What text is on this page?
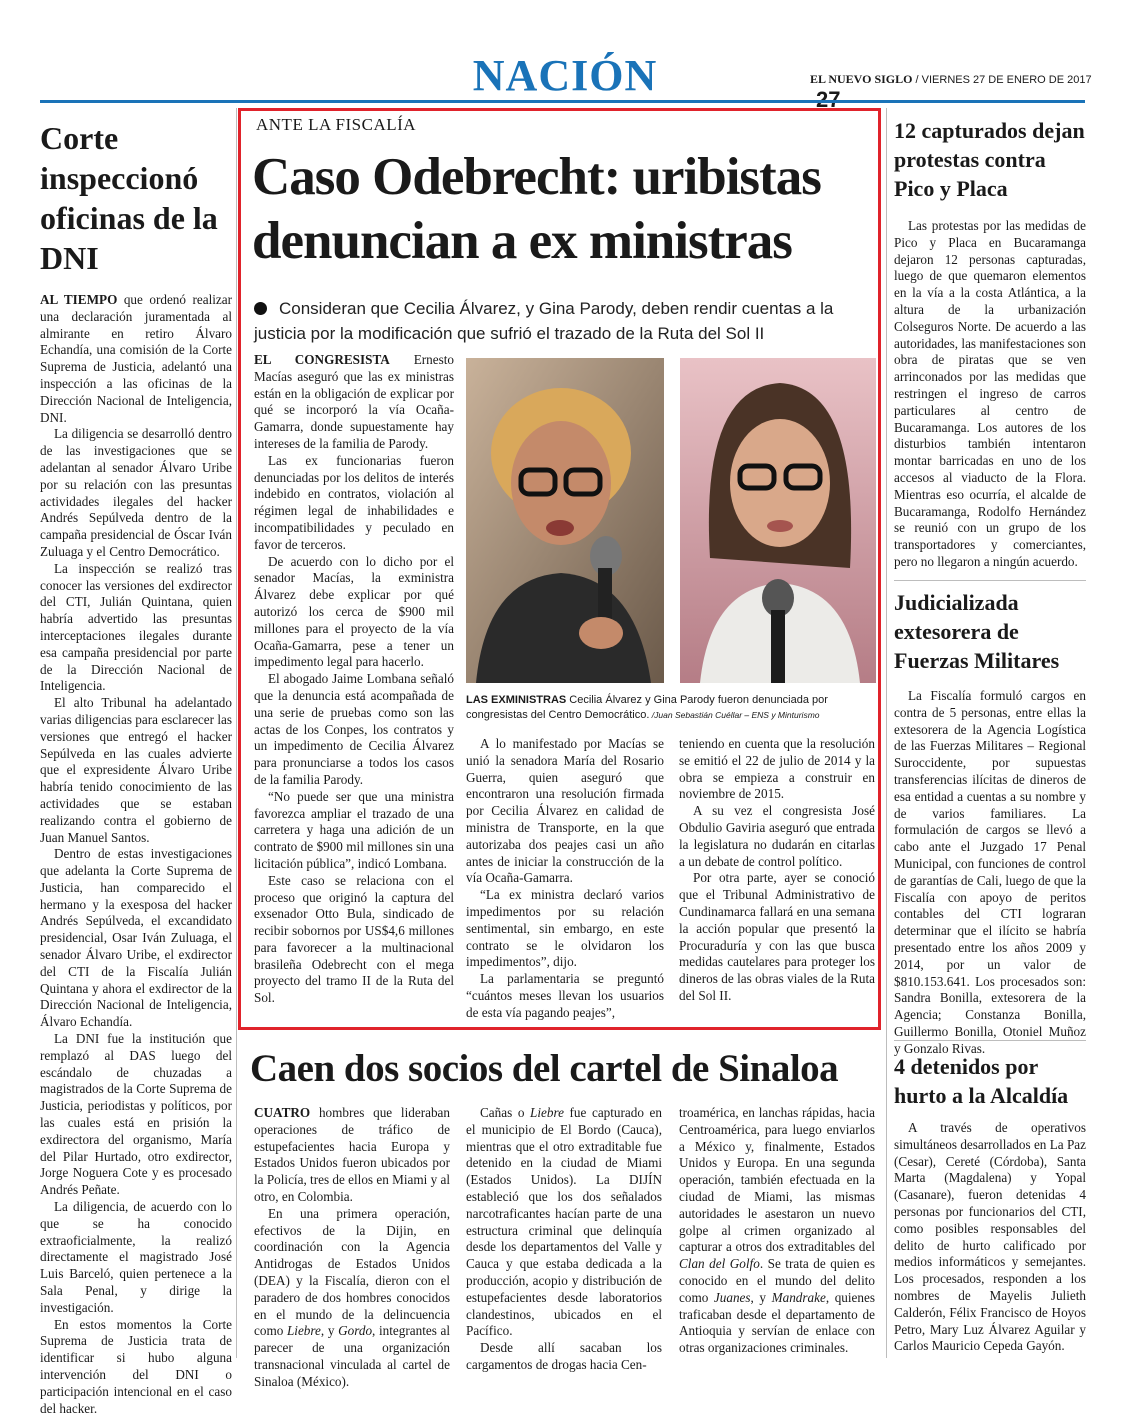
NACIÓN	EL NUEVO SIGLO / VIERNES 27 DE ENERO DE 2017
Corte inspeccionó oficinas de la DNI

AL TIEMPO que ordenó realizar una declaración juramentada al almirante en retiro Álvaro Echandía, una comisión de la Corte Suprema de Justicia, adelantó una inspección a las oficinas de la Dirección Nacional de Inteligencia, DNI.

La diligencia se desarrolló dentro de las investigaciones que se adelantan al senador Álvaro Uribe por su relación con las presuntas actividades ilegales del hacker Andrés Sepúlveda dentro de la campaña presidencial de Óscar Iván Zuluaga y el Centro Democrático.

La inspección se realizó tras conocer las versiones del exdirector del CTI, Julián Quintana, quien habría advertido las presuntas interceptaciones ilegales durante esa campaña presidencial por parte de la Dirección Nacional de Inteligencia.

El alto Tribunal ha adelantado varias diligencias para esclarecer las versiones que entregó el hacker Sepúlveda en las cuales advierte que el expresidente Álvaro Uribe habría tenido conocimiento de las actividades que se estaban realizando contra el gobierno de Juan Manuel Santos.

Dentro de estas investigaciones que adelanta la Corte Suprema de Justicia, han comparecido el hermano y la exesposa del hacker Andrés Sepúlveda, el excandidato presidencial, Osar Iván Zuluaga, el senador Álvaro Uribe, el exdirector del CTI de la Fiscalía Julián Quintana y ahora el exdirector de la Dirección Nacional de Inteligencia, Álvaro Echandía.

La DNI fue la institución que remplazó al DAS luego del escándalo de chuzadas a magistrados de la Corte Suprema de Justicia, periodistas y políticos, por las cuales está en prisión la exdirectora del organismo, María del Pilar Hurtado, otro exdirector, Jorge Noguera Cote y es procesado Andrés Peñate.

La diligencia, de acuerdo con lo que se ha conocido extraoficialmente, la realizó directamente el magistrado José Luis Barceló, quien pertenece a la Sala Penal, y dirige la investigación.

En estos momentos la Corte Suprema de Justicia trata de identificar si hubo alguna intervención del DNI o participación intencional en el caso del hacker.

ANTE LA FISCALÍA
Caso Odebrecht: uribistas denuncian a ex ministras
Consideran que Cecilia Álvarez, y Gina Parody, deben rendir cuentas a la justicia por la modificación que sufrió el trazado de la Ruta del Sol II

EL CONGRESISTA Ernesto Macías aseguró que las ex ministras están en la obligación de explicar por qué se incorporó la vía Ocaña-Gamarra, donde supuestamente hay intereses de la familia de Parody.

Las ex funcionarias fueron denunciadas por los delitos de interés indebido en contratos, violación al régimen legal de inhabilidades e incompatibilidades y peculado en favor de terceros.

De acuerdo con lo dicho por el senador Macías, la exministra Álvarez debe explicar por qué autorizó los cerca de $900 mil millones para el proyecto de la vía Ocaña-Gamarra, pese a tener un impedimento legal para hacerlo.

El abogado Jaime Lombana señaló que la denuncia está acompañada de una serie de pruebas como son las actas de los Conpes, los contratos y un impedimento de Cecilia Álvarez para pronunciarse a todos los casos de la familia Parody.

“No puede ser que una ministra favorezca ampliar el trazado de una carretera y haga una adición de un contrato de $900 mil millones sin una licitación pública”, indicó Lombana.

Este caso se relaciona con el proceso que originó la captura del exsenador Otto Bula, sindicado de recibir sobornos por US$4,6 millones para favorecer a la multinacional brasileña Odebrecht con el mega proyecto del tramo II de la Ruta del Sol.

LAS EXMINISTRAS Cecilia Álvarez y Gina Parody fueron denunciada por congresistas del Centro Democrático. /Juan Sebastián Cuéllar – ENS y Minturismo

A lo manifestado por Macías se unió la senadora María del Rosario Guerra, quien aseguró que encontraron una resolución firmada por Cecilia Álvarez en calidad de ministra de Transporte, en la que autorizaba dos peajes casi un año antes de iniciar la construcción de la vía Ocaña-Gamarra.

“La ex ministra declaró varios impedimentos por su relación sentimental, sin embargo, en este contrato se le olvidaron los impedimentos”, dijo.

La parlamentaria se preguntó “cuántos meses llevan los usuarios de esta vía pagando peajes”,

teniendo en cuenta que la resolución se emitió el 22 de julio de 2014 y la obra se empieza a construir en noviembre de 2015.

A su vez el congresista José Obdulio Gaviria aseguró que entrada la legislatura no dudarán en citarlas a un debate de control político.

Por otra parte, ayer se conoció que el Tribunal Administrativo de Cundinamarca fallará en una semana la acción popular que presentó la Procuraduría y con las que busca medidas cautelares para proteger los dineros de las obras viales de la Ruta del Sol II.

12 capturados dejan protestas contra Pico y Placa

Las protestas por las medidas de Pico y Placa en Bucaramanga dejaron 12 personas capturadas, luego de que quemaron elementos en la vía a la costa Atlántica, a la altura de la urbanización Colseguros Norte. De acuerdo a las autoridades, las manifestaciones son obra de piratas que se ven arrinconados por las medidas que restringen el ingreso de carros particulares al centro de Bucaramanga. Los autores de los disturbios también intentaron montar barricadas en uno de los accesos al viaducto de la Flora. Mientras eso ocurría, el alcalde de Bucaramanga, Rodolfo Hernández se reunió con un grupo de los transportadores y comerciantes, pero no llegaron a ningún acuerdo.

Judicializada extesorera de Fuerzas Militares

La Fiscalía formuló cargos en contra de 5 personas, entre ellas la extesorera de la Agencia Logística de las Fuerzas Militares – Regional Suroccidente, por supuestas transferencias ilícitas de dineros de esa entidad a cuentas a su nombre y de varios familiares. La formulación de cargos se llevó a cabo ante el Juzgado 17 Penal Municipal, con funciones de control de garantías de Cali, luego de que la Fiscalía con apoyo de peritos contables del CTI lograran determinar que el ilícito se habría presentado entre los años 2009 y 2014, por un valor de $810.153.641. Los procesados son: Sandra Bonilla, extesorera de la Agencia; Constanza Bonilla, Guillermo Bonilla, Otoniel Muñoz y Gonzalo Rivas.

4 detenidos por hurto a la Alcaldía

A través de operativos simultáneos desarrollados en La Paz (Cesar), Cereté (Córdoba), Santa Marta (Magdalena) y Yopal (Casanare), fueron detenidas 4 personas por funcionarios del CTI, como posibles responsables del delito de hurto calificado por medios informáticos y semejantes. Los procesados, responden a los nombres de Mayelis Julieth Calderón, Félix Francisco de Hoyos Petro, Mary Luz Álvarez Aguilar y Carlos Mauricio Cepeda Gayón.

Caen dos socios del cartel de Sinaloa

CUATRO hombres que lideraban operaciones de tráfico de estupefacientes hacia Europa y Estados Unidos fueron ubicados por la Policía, tres de ellos en Miami y al otro, en Colombia.

En una primera operación, efectivos de la Dijin, en coordinación con la Agencia Antidrogas de Estados Unidos (DEA) y la Fiscalía, dieron con el paradero de dos hombres conocidos en el mundo de la delincuencia como Liebre, y Gordo, integrantes al parecer de una organización transnacional vinculada al cartel de Sinaloa (México).

Cañas o Liebre fue capturado en el municipio de El Bordo (Cauca), mientras que el otro extraditable fue detenido en la ciudad de Miami (Estados Unidos). La DIJÍN estableció que los dos señalados narcotraficantes hacían parte de una estructura criminal que delinquía desde los departamentos del Valle y Cauca y que estaba dedicada a la producción, acopio y distribución de estupefacientes desde laboratorios clandestinos, ubicados en el Pacífico.

Desde allí sacaban los cargamentos de drogas hacia Cen-

troamérica, en lanchas rápidas, hacia Centroamérica, para luego enviarlos a México y, finalmente, Estados Unidos y Europa. En una segunda operación, también efectuada en la ciudad de Miami, las mismas autoridades le asestaron un nuevo golpe al crimen organizado al capturar a otros dos extraditables del Clan del Golfo. Se trata de quien es conocido en el mundo del delito como Juanes, y Mandrake, quienes traficaban desde el departamento de Antioquia y servían de enlace con otras organizaciones criminales.
